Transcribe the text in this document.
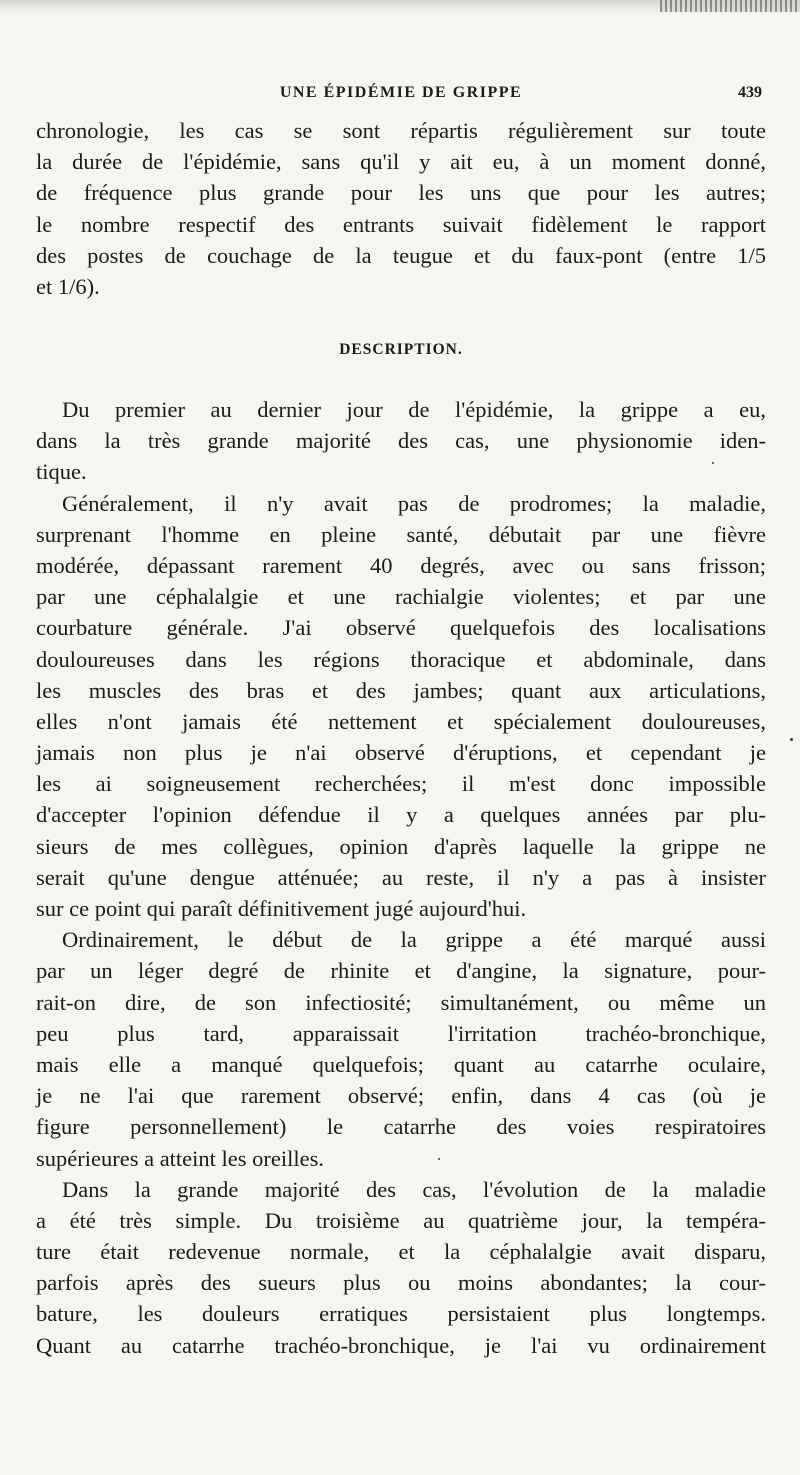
UNE ÉPIDÉMIE DE GRIPPE	439
chronologie, les cas se sont répartis régulièrement sur toute
la durée de l'épidémie, sans qu'il y ait eu, à un moment donné,
de fréquence plus grande pour les uns que pour les autres;
le nombre respectif des entrants suivait fidèlement le rapport
des postes de couchage de la teugue et du faux-pont (entre 1/5
et 1/6).
DESCRIPTION.
Du premier au dernier jour de l'épidémie, la grippe a eu,
dans la très grande majorité des cas, une physionomie iden-
tique.
Généralement, il n'y avait pas de prodromes; la maladie,
surprenant l'homme en pleine santé, débutait par une fièvre
modérée, dépassant rarement 40 degrés, avec ou sans frisson;
par une céphalalgie et une rachialgie violentes; et par une
courbature générale. J'ai observé quelquefois des localisations
douloureuses dans les régions thoracique et abdominale, dans
les muscles des bras et des jambes; quant aux articulations,
elles n'ont jamais été nettement et spécialement douloureuses,
jamais non plus je n'ai observé d'éruptions, et cependant je
les ai soigneusement recherchées; il m'est donc impossible
d'accepter l'opinion défendue il y a quelques années par plu-
sieurs de mes collègues, opinion d'après laquelle la grippe ne
serait qu'une dengue atténuée; au reste, il n'y a pas à insister
sur ce point qui paraît définitivement jugé aujourd'hui.
Ordinairement, le début de la grippe a été marqué aussi
par un léger degré de rhinite et d'angine, la signature, pour-
rait-on dire, de son infectiosité; simultanément, ou même un
peu plus tard, apparaissait l'irritation trachéo-bronchique,
mais elle a manqué quelquefois; quant au catarrhe oculaire,
je ne l'ai que rarement observé; enfin, dans 4 cas (où je
figure personnellement) le catarrhe des voies respiratoires
supérieures a atteint les oreilles.
Dans la grande majorité des cas, l'évolution de la maladie
a été très simple. Du troisième au quatrième jour, la tempéra-
ture était redevenue normale, et la céphalalgie avait disparu,
parfois après des sueurs plus ou moins abondantes; la cour-
bature, les douleurs erratiques persistaient plus longtemps.
Quant au catarrhe trachéo-bronchique, je l'ai vu ordinairement
